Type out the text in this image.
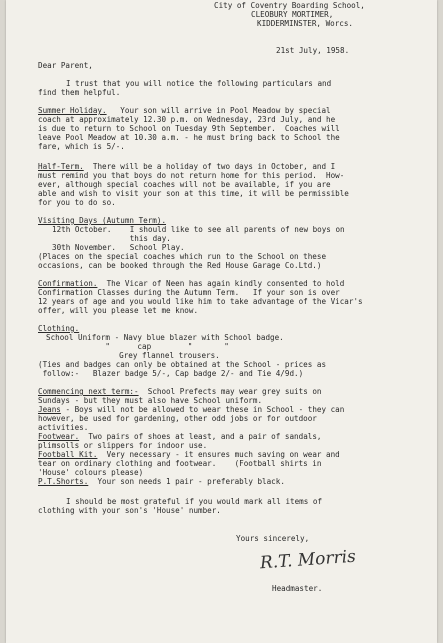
City of Coventry Boarding School,
CLEOBURY MORTIMER,
KIDDERMINSTER, Worcs.
21st July, 1958.
Dear Parent,
I trust that you will notice the following particulars and
find them helpful.
Summer Holiday. Your son will arrive in Pool Meadow by special
coach at approximately 12.30 p.m. on Wednesday, 23rd July, and he
is due to return to School on Tuesday 9th September.  Coaches will
leave Pool Meadow at 10.30 a.m. - he must bring back to School the
fare, which is 5/-.
Half-Term. There will be a holiday of two days in October, and I
must remind you that boys do not return home for this period.  How-
ever, although special coaches will not be available, if you are
able and wish to visit your son at this time, it will be permissible
for you to do so.
Visiting Days (Autumn Term).
12th October.    I should like to see all parents of new boys on
this day.
30th November.   School Play.
(Places on the special coaches which run to the School on these
occasions, can be booked through the Red House Garage Co.Ltd.)
Confirmation. The Vicar of Neen has again kindly consented to hold
Confirmation Classes during the Autumn Term.   If your son is over
12 years of age and you would like him to take advantage of the Vicar's
offer, will you please let me know.
Clothing.
School Uniform - Navy blue blazer with School badge.
"      cap        "       "
Grey flannel trousers.
(Ties and badges can only be obtained at the School - prices as
follow:-   Blazer badge 5/-, Cap badge 2/- and Tie 4/9d.)
Commencing next term:- School Prefects may wear grey suits on
Sundays - but they must also have School uniform.
Jeans - Boys will not be allowed to wear these in School - they can
however, be used for gardening, other odd jobs or for outdoor
activities.
Footwear. Two pairs of shoes at least, and a pair of sandals,
plimsolls or slippers for indoor use.
Football Kit. Very necessary - it ensures much saving on wear and
tear on ordinary clothing and footwear.    (Football shirts in
'House' colours please)
P.T.Shorts. Your son needs 1 pair - preferably black.
I should be most grateful if you would mark all items of
clothing with your son's 'House' number.
Yours sincerely,
R.T. Morris
Headmaster.
